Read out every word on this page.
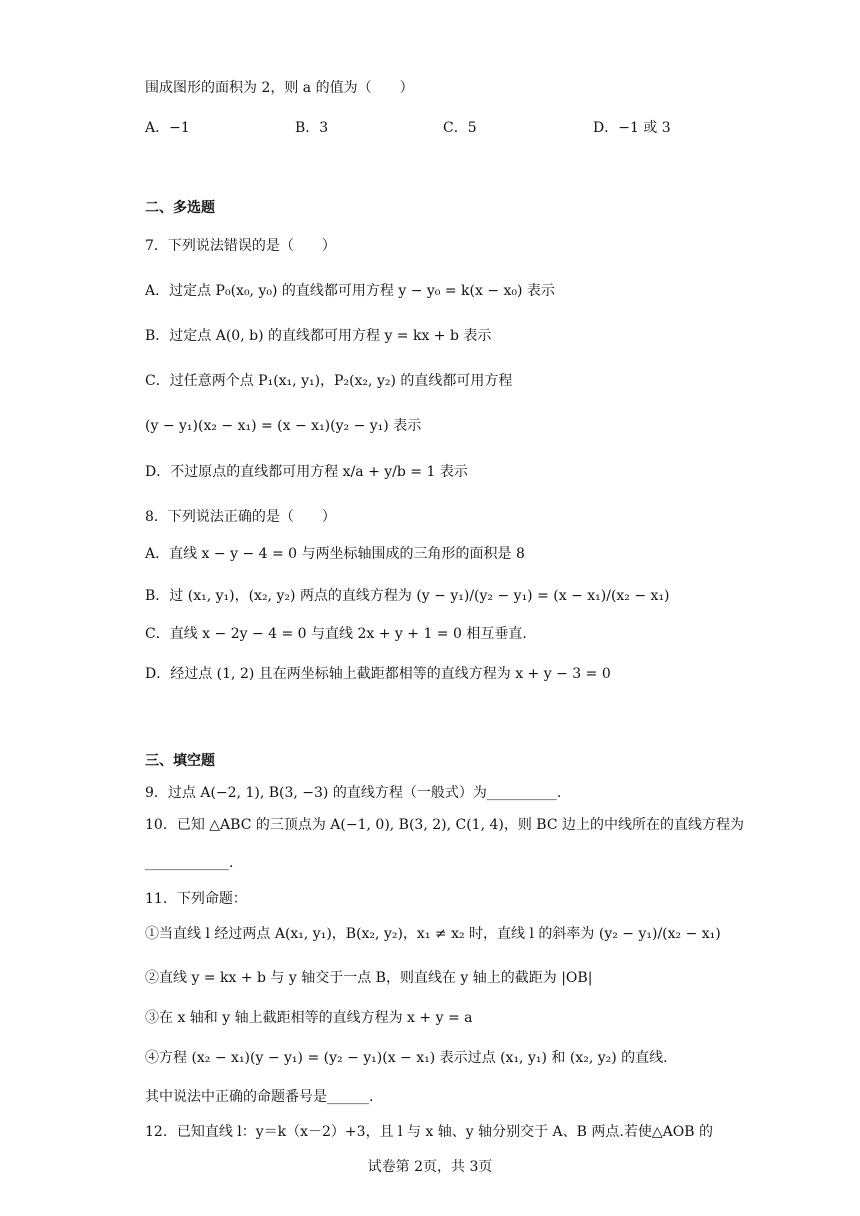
围成图形的面积为 2，则 a 的值为（　　）
A．−1	B．3	C．5	D．−1 或 3
二、多选题
7．下列说法错误的是（　　）
A．过定点 P₀(x₀, y₀) 的直线都可用方程 y − y₀ = k(x − x₀) 表示
B．过定点 A(0, b) 的直线都可用方程 y = kx + b 表示
C．过任意两个点 P₁(x₁, y₁)，P₂(x₂, y₂) 的直线都可用方程
(y − y₁)(x₂ − x₁) = (x − x₁)(y₂ − y₁) 表示
D．不过原点的直线都可用方程 x/a + y/b = 1 表示
8．下列说法正确的是（　　）
A．直线 x − y − 4 = 0 与两坐标轴围成的三角形的面积是 8
B．过 (x₁, y₁)，(x₂, y₂) 两点的直线方程为 (y − y₁)/(y₂ − y₁) = (x − x₁)/(x₂ − x₁)
C．直线 x − 2y − 4 = 0 与直线 2x + y + 1 = 0 相互垂直.
D．经过点 (1, 2) 且在两坐标轴上截距都相等的直线方程为 x + y − 3 = 0
三、填空题
9．过点 A(−2, 1), B(3, −3) 的直线方程（一般式）为__________.
10．已知 △ABC 的三顶点为 A(−1, 0), B(3, 2), C(1, 4)，则 BC 边上的中线所在的直线方程为
____________.
11．下列命题：
①当直线 l 经过两点 A(x₁, y₁)，B(x₂, y₂)，x₁ ≠ x₂ 时，直线 l 的斜率为 (y₂ − y₁)/(x₂ − x₁)
②直线 y = kx + b 与 y 轴交于一点 B，则直线在 y 轴上的截距为 |OB|
③在 x 轴和 y 轴上截距相等的直线方程为 x + y = a
④方程 (x₂ − x₁)(y − y₁) = (y₂ − y₁)(x − x₁) 表示过点 (x₁, y₁) 和 (x₂, y₂) 的直线.
其中说法中正确的命题番号是______.
12．已知直线 l：y＝k（x－2）+3，且 l 与 x 轴、y 轴分别交于 A、B 两点.若使△AOB 的
试卷第 2页，共 3页
